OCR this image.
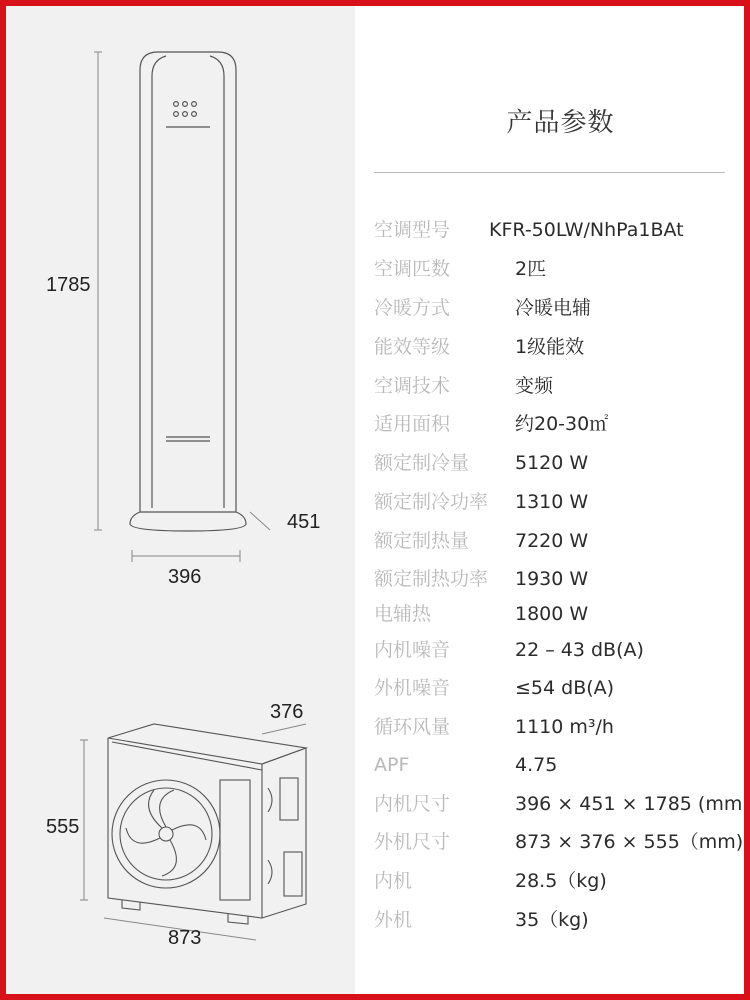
产品参数
空调型号 KFR-50LW/NhPa1BAt
空调匹数	2匹
冷暖方式	冷暖电辅
能效等级	1级能效
空调技术	变频
适用面积	约20-30㎡
额定制冷量 5120 W
额定制冷功率 1310 W
额定制热量 7220 W
额定制热功率 1930 W
电辅热	1800 W
内机噪音	22 – 43 dB(A)
外机噪音	≤54 dB(A)
循环风量	1110 m³/h
APF	4.75
内机尺寸	396 × 451 × 1785 (mm)
外机尺寸	873 × 376 × 555（mm)
内机	28.5（kg)
外机	35（kg)
1785
451
396
555
376
873
